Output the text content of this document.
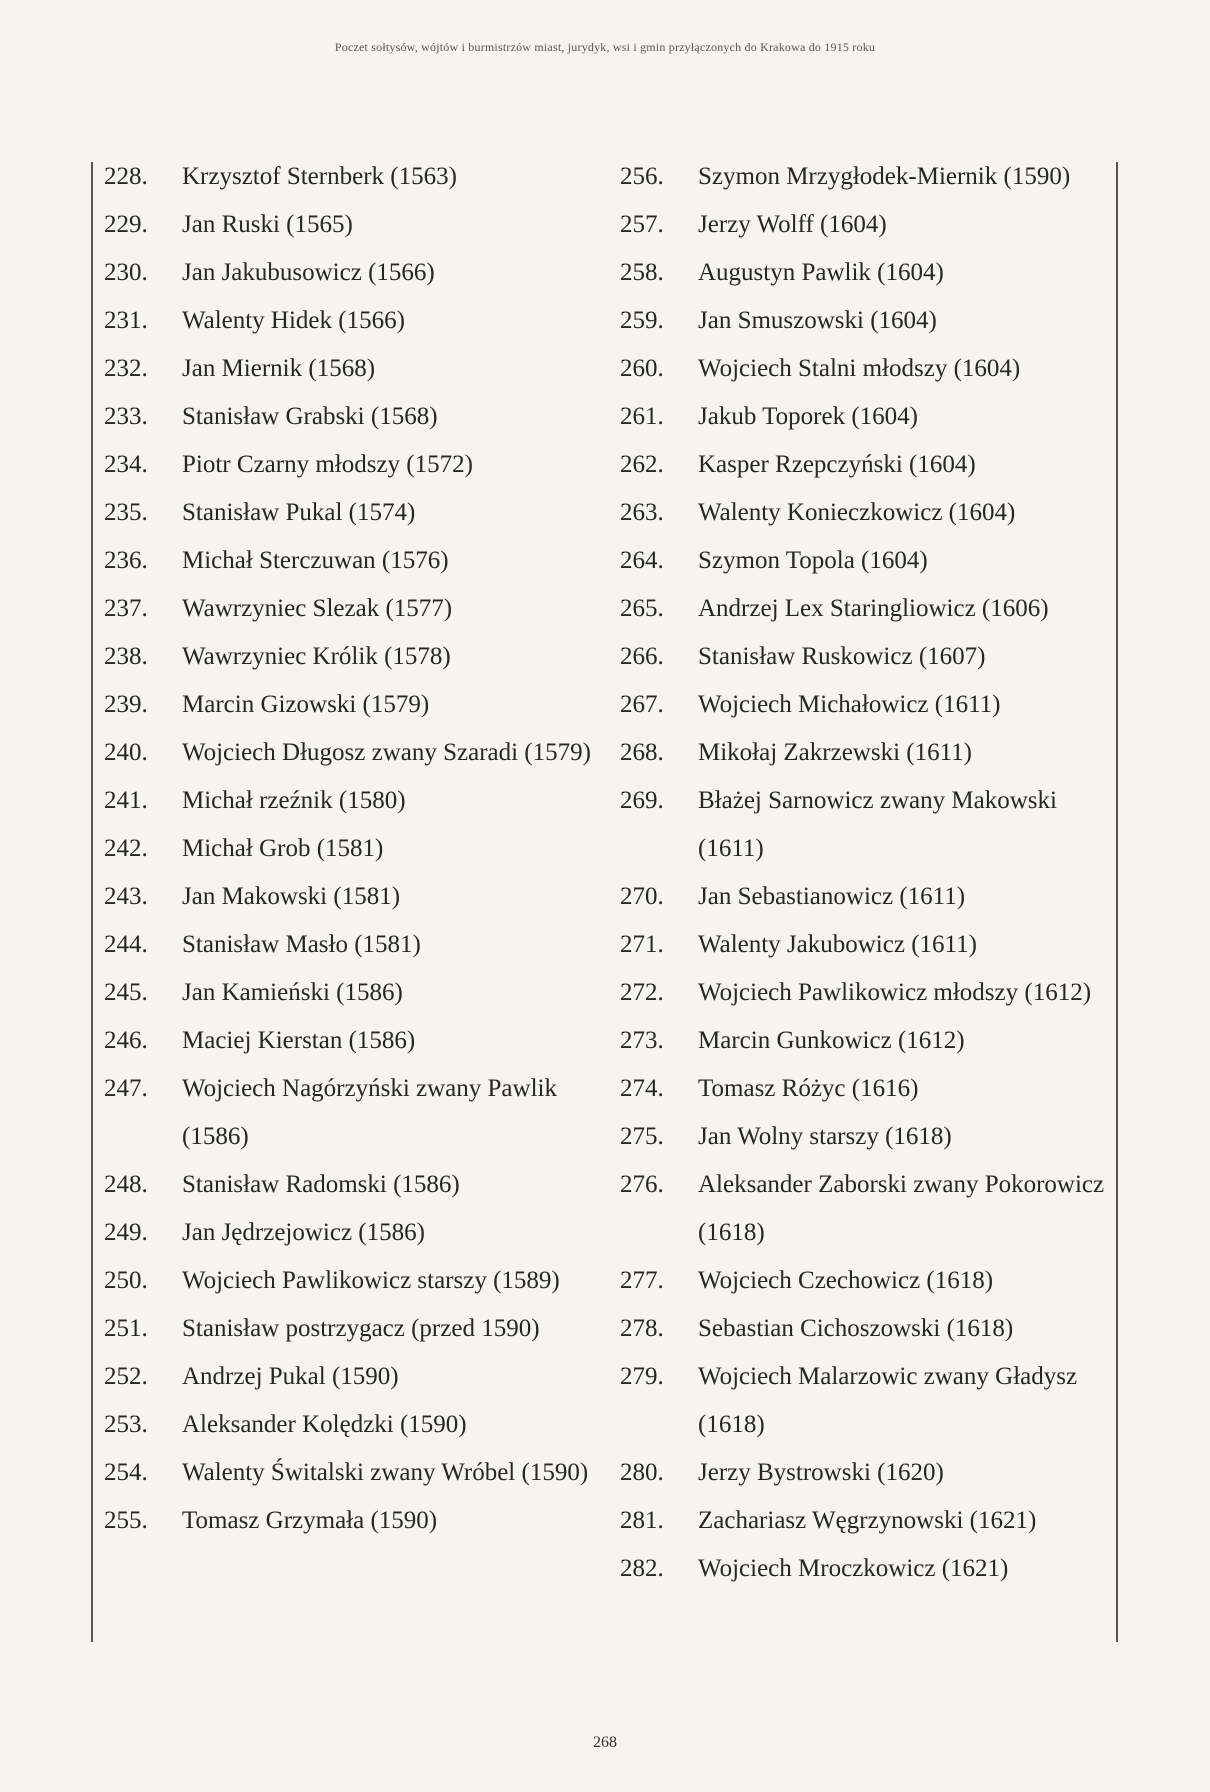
Poczet sołtysów, wójtów i burmistrzów miast, jurydyk, wsi i gmin przyłączonych do Krakowa do 1915 roku
228.	Krzysztof Sternberk (1563)
229.	Jan Ruski (1565)
230.	Jan Jakubusowicz (1566)
231.	Walenty Hidek (1566)
232.	Jan Miernik (1568)
233.	Stanisław Grabski (1568)
234.	Piotr Czarny młodszy (1572)
235.	Stanisław Pukal (1574)
236.	Michał Sterczuwan (1576)
237.	Wawrzyniec Slezak (1577)
238.	Wawrzyniec Królik (1578)
239.	Marcin Gizowski (1579)
240.	Wojciech Długosz zwany Szaradi (1579)
241.	Michał rzeźnik (1580)
242.	Michał Grob (1581)
243.	Jan Makowski (1581)
244.	Stanisław Masło (1581)
245.	Jan Kamieński (1586)
246.	Maciej Kierstan (1586)
247.	Wojciech Nagórzyński zwany Pawlik (1586)
248.	Stanisław Radomski (1586)
249.	Jan Jędrzejowicz (1586)
250.	Wojciech Pawlikowicz starszy (1589)
251.	Stanisław postrzygacz (przed 1590)
252.	Andrzej Pukal (1590)
253.	Aleksander Kolędzki (1590)
254.	Walenty Świtalski zwany Wróbel (1590)
255.	Tomasz Grzymała (1590)
256.	Szymon Mrzygłodek-Miernik (1590)
257.	Jerzy Wolff (1604)
258.	Augustyn Pawlik (1604)
259.	Jan Smuszowski (1604)
260.	Wojciech Stalni młodszy (1604)
261.	Jakub Toporek (1604)
262.	Kasper Rzepczyński (1604)
263.	Walenty Konieczkowicz (1604)
264.	Szymon Topola (1604)
265.	Andrzej Lex Staringliowicz (1606)
266.	Stanisław Ruskowicz (1607)
267.	Wojciech Michałowicz (1611)
268.	Mikołaj Zakrzewski (1611)
269.	Błażej Sarnowicz zwany Makowski (1611)
270.	Jan Sebastianowicz (1611)
271.	Walenty Jakubowicz (1611)
272.	Wojciech Pawlikowicz młodszy (1612)
273.	Marcin Gunkowicz (1612)
274.	Tomasz Różyc (1616)
275.	Jan Wolny starszy (1618)
276.	Aleksander Zaborski zwany Pokorowicz (1618)
277.	Wojciech Czechowicz (1618)
278.	Sebastian Cichoszowski (1618)
279.	Wojciech Malarzowic zwany Gładysz (1618)
280.	Jerzy Bystrowski (1620)
281.	Zachariasz Węgrzynowski (1621)
282.	Wojciech Mroczkowicz (1621)
268
